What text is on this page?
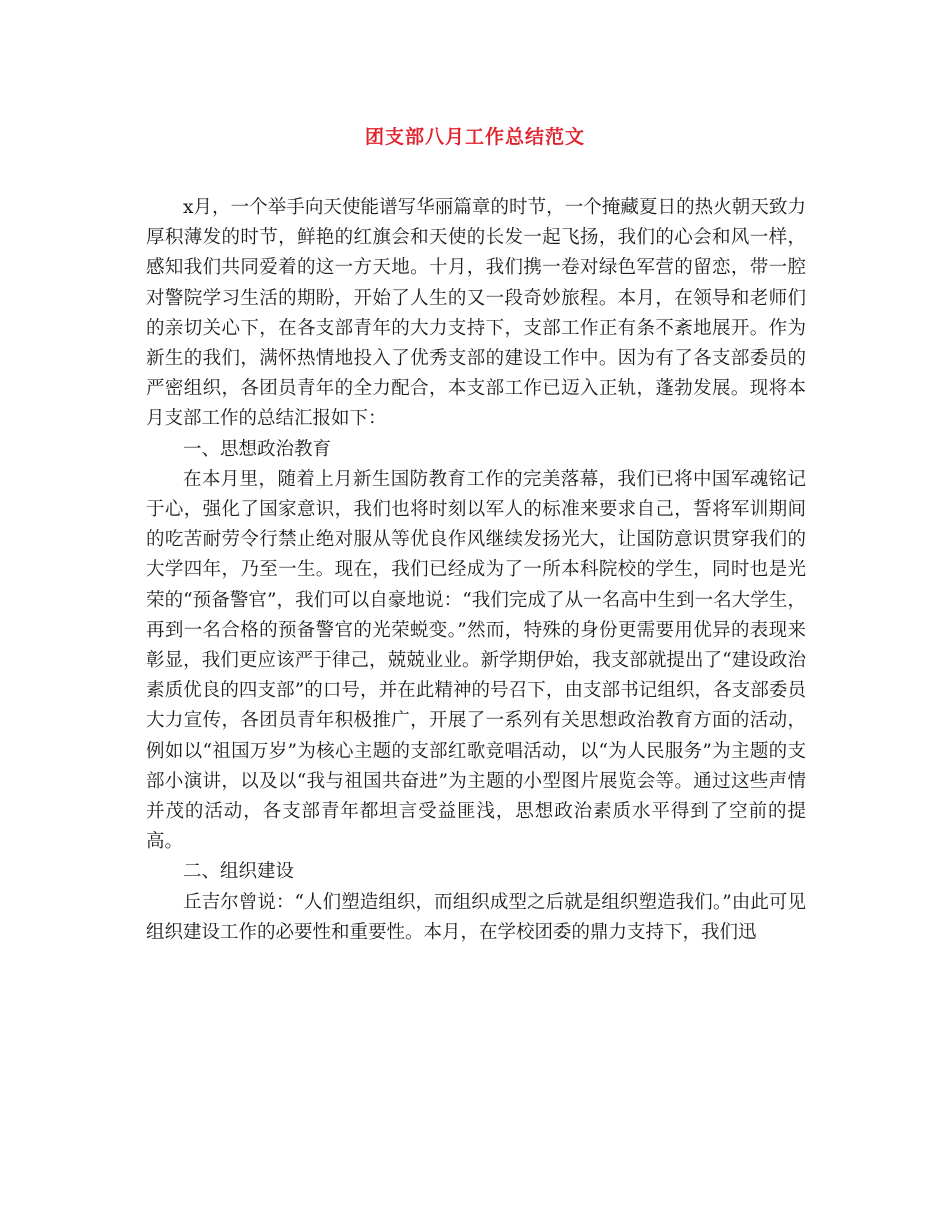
团支部八月工作总结范文

x月，一个举手向天使能谱写华丽篇章的时节，一个掩藏夏日的热火朝天致力厚积薄发的时节，鲜艳的红旗会和天使的长发一起飞扬，我们的心会和风一样，感知我们共同爱着的这一方天地。十月，我们携一卷对绿色军营的留恋，带一腔对警院学习生活的期盼，开始了人生的又一段奇妙旅程。本月，在领导和老师们的亲切关心下，在各支部青年的大力支持下，支部工作正有条不紊地展开。作为新生的我们，满怀热情地投入了优秀支部的建设工作中。因为有了各支部委员的严密组织，各团员青年的全力配合，本支部工作已迈入正轨，蓬勃发展。现将本月支部工作的总结汇报如下：

一、思想政治教育

在本月里，随着上月新生国防教育工作的完美落幕，我们已将中国军魂铭记于心，强化了国家意识，我们也将时刻以军人的标准来要求自己，誓将军训期间的吃苦耐劳令行禁止绝对服从等优良作风继续发扬光大，让国防意识贯穿我们的大学四年，乃至一生。现在，我们已经成为了一所本科院校的学生，同时也是光荣的“预备警官”，我们可以自豪地说：“我们完成了从一名高中生到一名大学生，再到一名合格的预备警官的光荣蜕变。”然而，特殊的身份更需要用优异的表现来彰显，我们更应该严于律己，兢兢业业。新学期伊始，我支部就提出了“建设政治素质优良的四支部”的口号，并在此精神的号召下，由支部书记组织，各支部委员大力宣传，各团员青年积极推广，开展了一系列有关思想政治教育方面的活动，例如以“祖国万岁”为核心主题的支部红歌竞唱活动，以“为人民服务”为主题的支部小演讲，以及以“我与祖国共奋进”为主题的小型图片展览会等。通过这些声情并茂的活动，各支部青年都坦言受益匪浅，思想政治素质水平得到了空前的提高。

二、组织建设

丘吉尔曾说：“人们塑造组织，而组织成型之后就是组织塑造我们。”由此可见组织建设工作的必要性和重要性。本月，在学校团委的鼎力支持下，我们迅
